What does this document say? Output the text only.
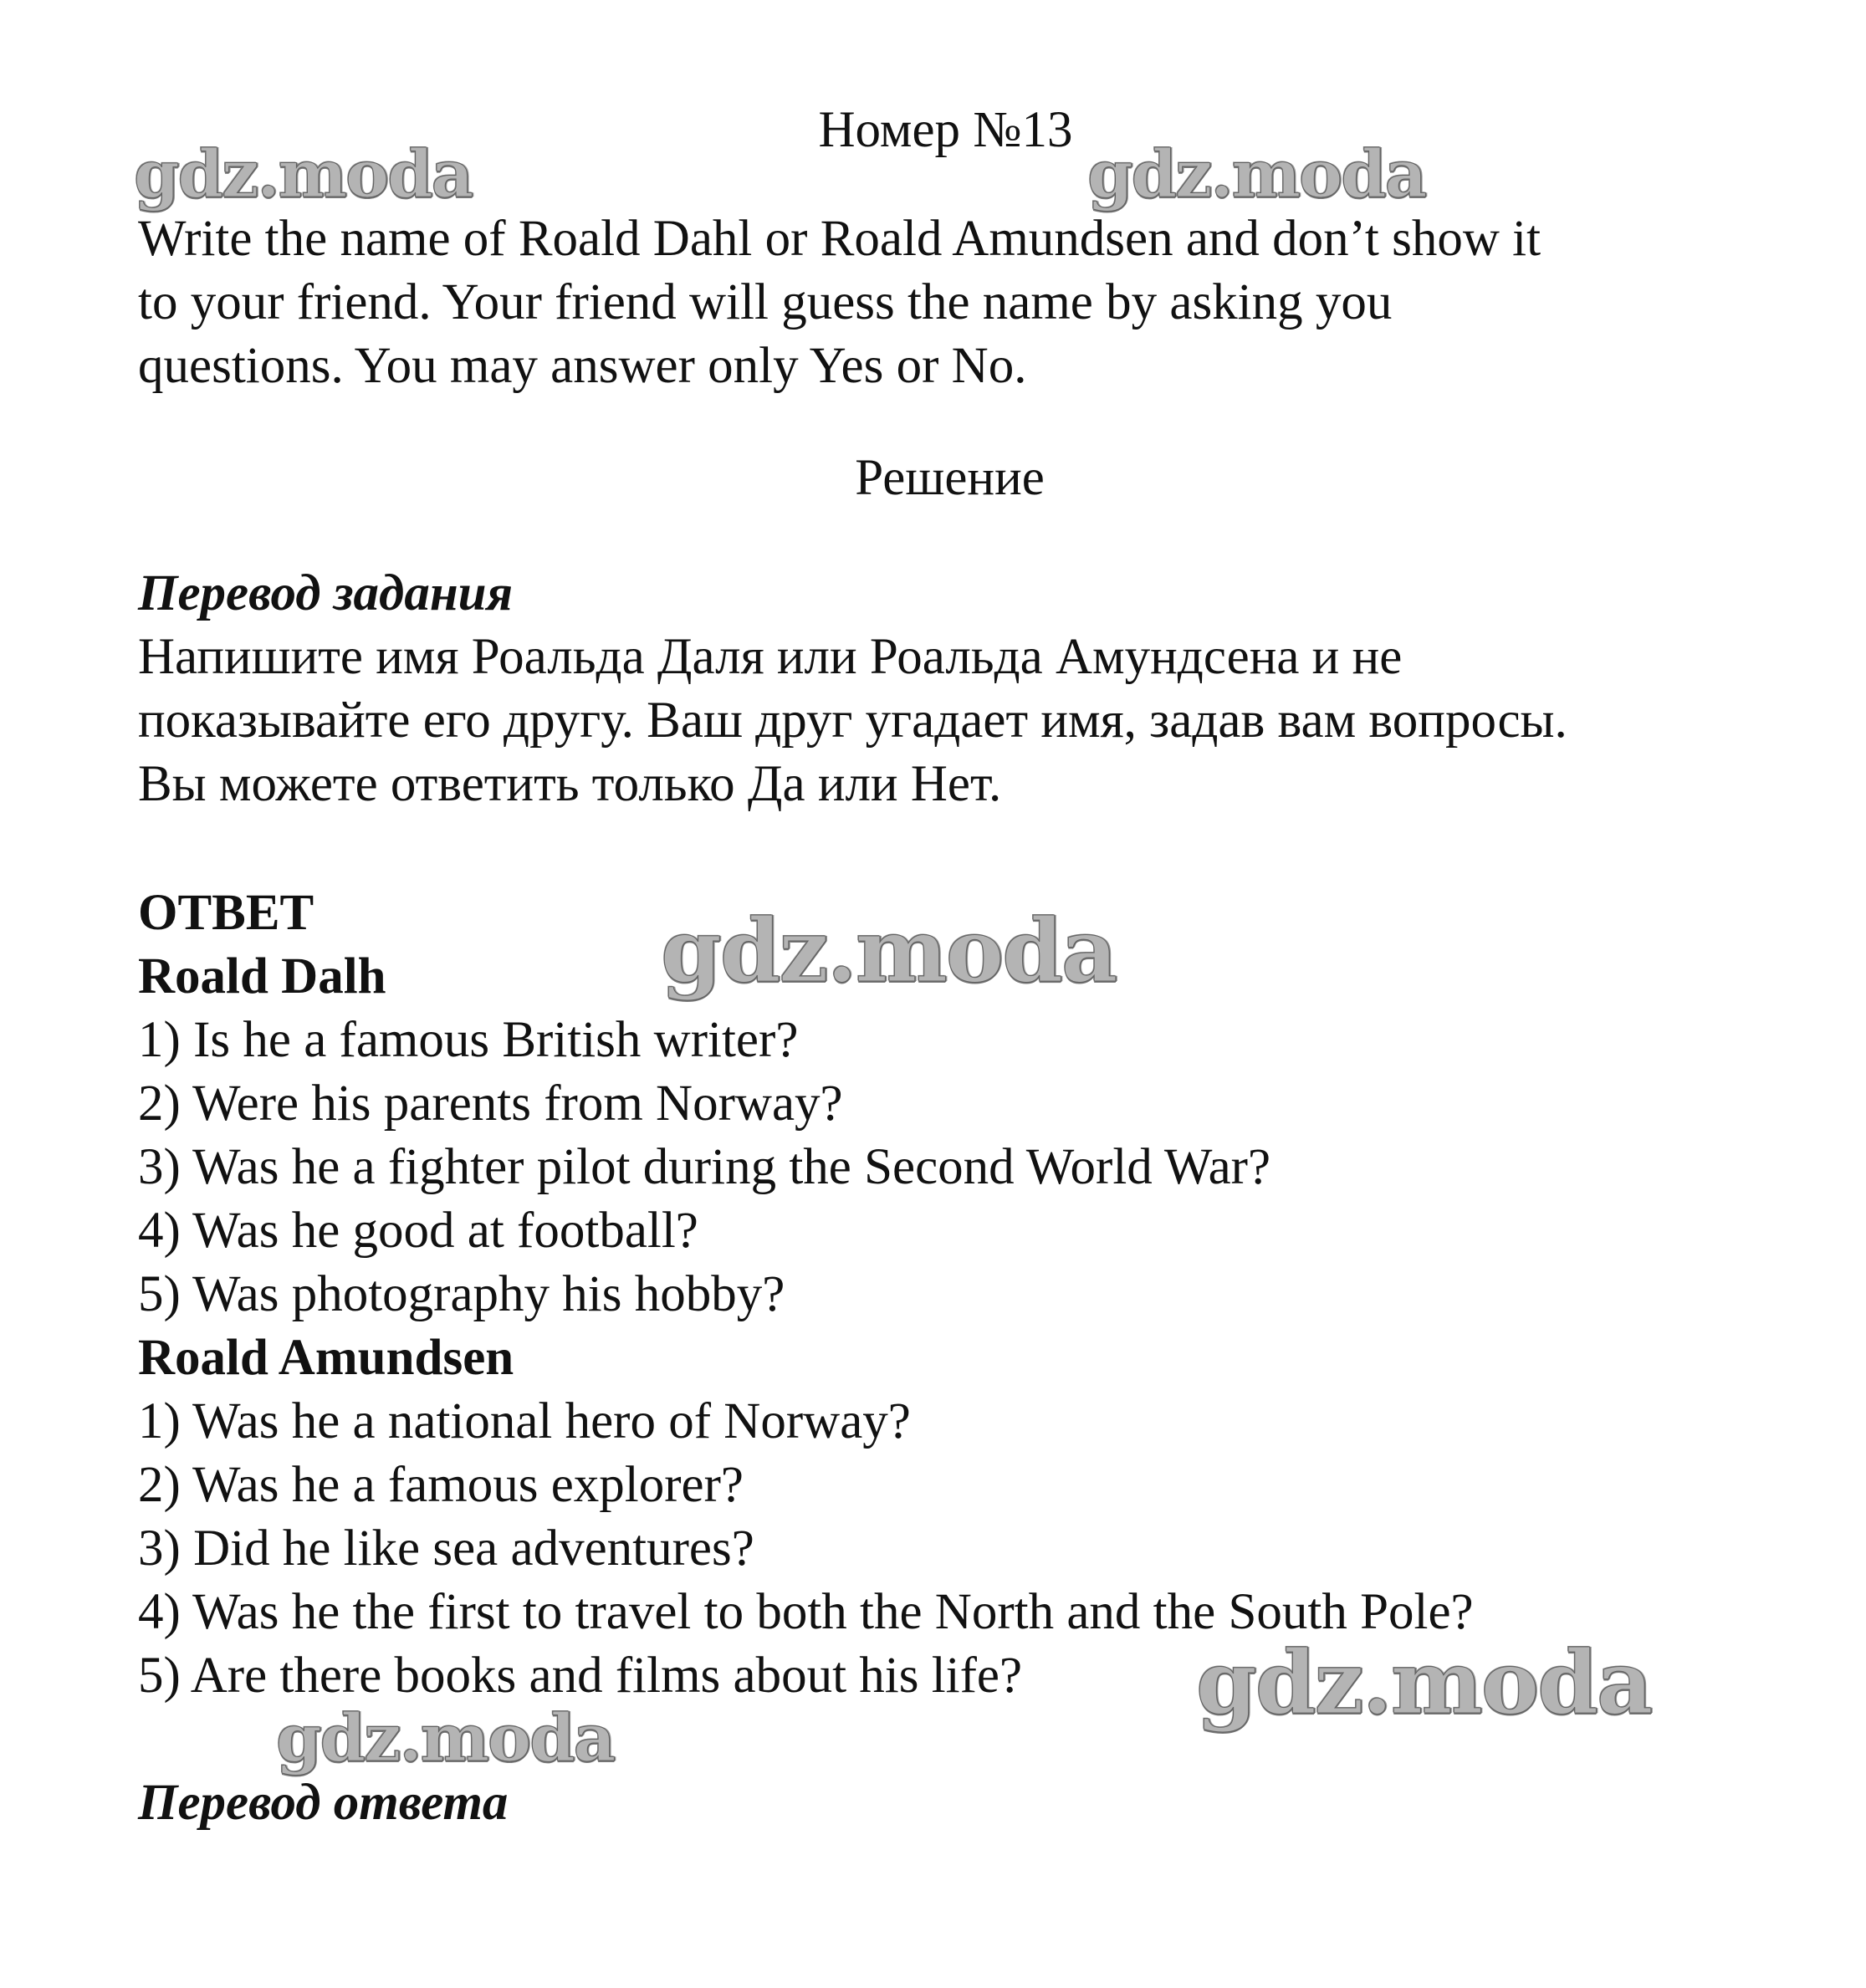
gdz.moda	gdz.moda
gdz.moda
gdz.moda
gdz.moda
Номер №13
Write the name of Roald Dahl or Roald Amundsen and don’t show it
to your friend. Your friend will guess the name by asking you
questions. You may answer only Yes or No.
Решение
Перевод задания
Напишите имя Роальда Даля или Роальда Амундсена и не
показывайте его другу. Ваш друг угадает имя, задав вам вопросы.
Вы можете ответить только Да или Нет.
ОТВЕТ
Roald Dalh
1) Is he a famous British writer?
2) Were his parents from Norway?
3) Was he a fighter pilot during the Second World War?
4) Was he good at football?
5) Was photography his hobby?
Roald Amundsen
1) Was he a national hero of Norway?
2) Was he a famous explorer?
3) Did he like sea adventures?
4) Was he the first to travel to both the North and the South Pole?
5) Are there books and films about his life?
Перевод ответа
